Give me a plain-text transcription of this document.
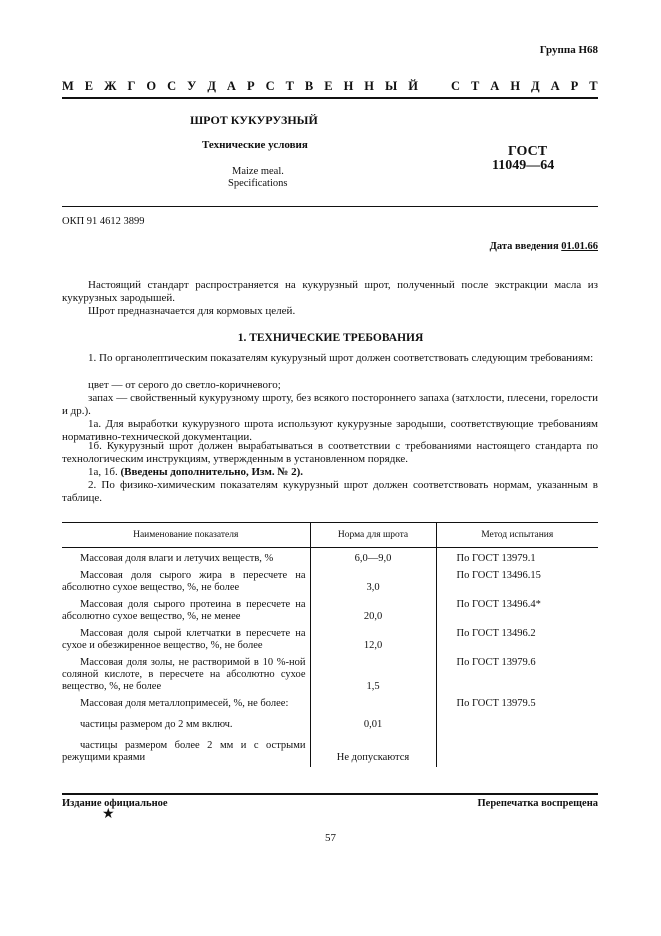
Группа Н68
М Е Ж Г О С У Д А Р С Т В Е Н Н Ы Й	С Т А Н Д А Р Т
ШРОТ КУКУРУЗНЫЙ
Технические условия
Maize meal.
Specifications
ГОСТ
11049—64
ОКП 91 4612 3899
Дата введения 01.01.66
Настоящий стандарт распространяется на кукурузный шрот, полученный после экстракции масла из кукурузных зародышей.
Шрот предназначается для кормовых целей.
1. ТЕХНИЧЕСКИЕ ТРЕБОВАНИЯ
1. По органолептическим показателям кукурузный шрот должен соответствовать следующим требованиям:
цвет — от серого до светло-коричневого;
запах — свойственный кукурузному шроту, без всякого постороннего запаха (затхлости, плесени, горелости и др.).
1а. Для выработки кукурузного шрота используют кукурузные зародыши, соответствующие требованиям нормативно-технической документации.
1б. Кукурузный шрот должен вырабатываться в соответствии с требованиями настоящего стандарта по технологическим инструкциям, утвержденным в установленном порядке.
1а, 1б. (Введены дополнительно, Изм. № 2).
2. По физико-химическим показателям кукурузный шрот должен соответствовать нормам, указанным в таблице.
Наименование показателя	Норма для шрота	Метод испытания
Массовая доля влаги и летучих веществ, %	6,0—9,0	По ГОСТ 13979.1
Массовая доля сырого жира в пересчете на абсолютно сухое вещество, %, не более	3,0	По ГОСТ 13496.15
Массовая доля сырого протеина в пересчете на абсолютно сухое вещество, %, не менее	20,0	По ГОСТ 13496.4*
Массовая доля сырой клетчатки в пересчете на сухое и обезжиренное вещество, %, не более	12,0	По ГОСТ 13496.2
Массовая доля золы, не растворимой в 10 %-ной соляной кислоте, в пересчете на абсолютно сухое вещество, %, не более	1,5	По ГОСТ 13979.6
Массовая доля металлопримесей, %, не более:		По ГОСТ 13979.5
частицы размером до 2 мм включ.	0,01	
частицы размером более 2 мм и с острыми режущими краями	Не допускаются	
Издание официальное	Перепечатка воспрещена
★
57
